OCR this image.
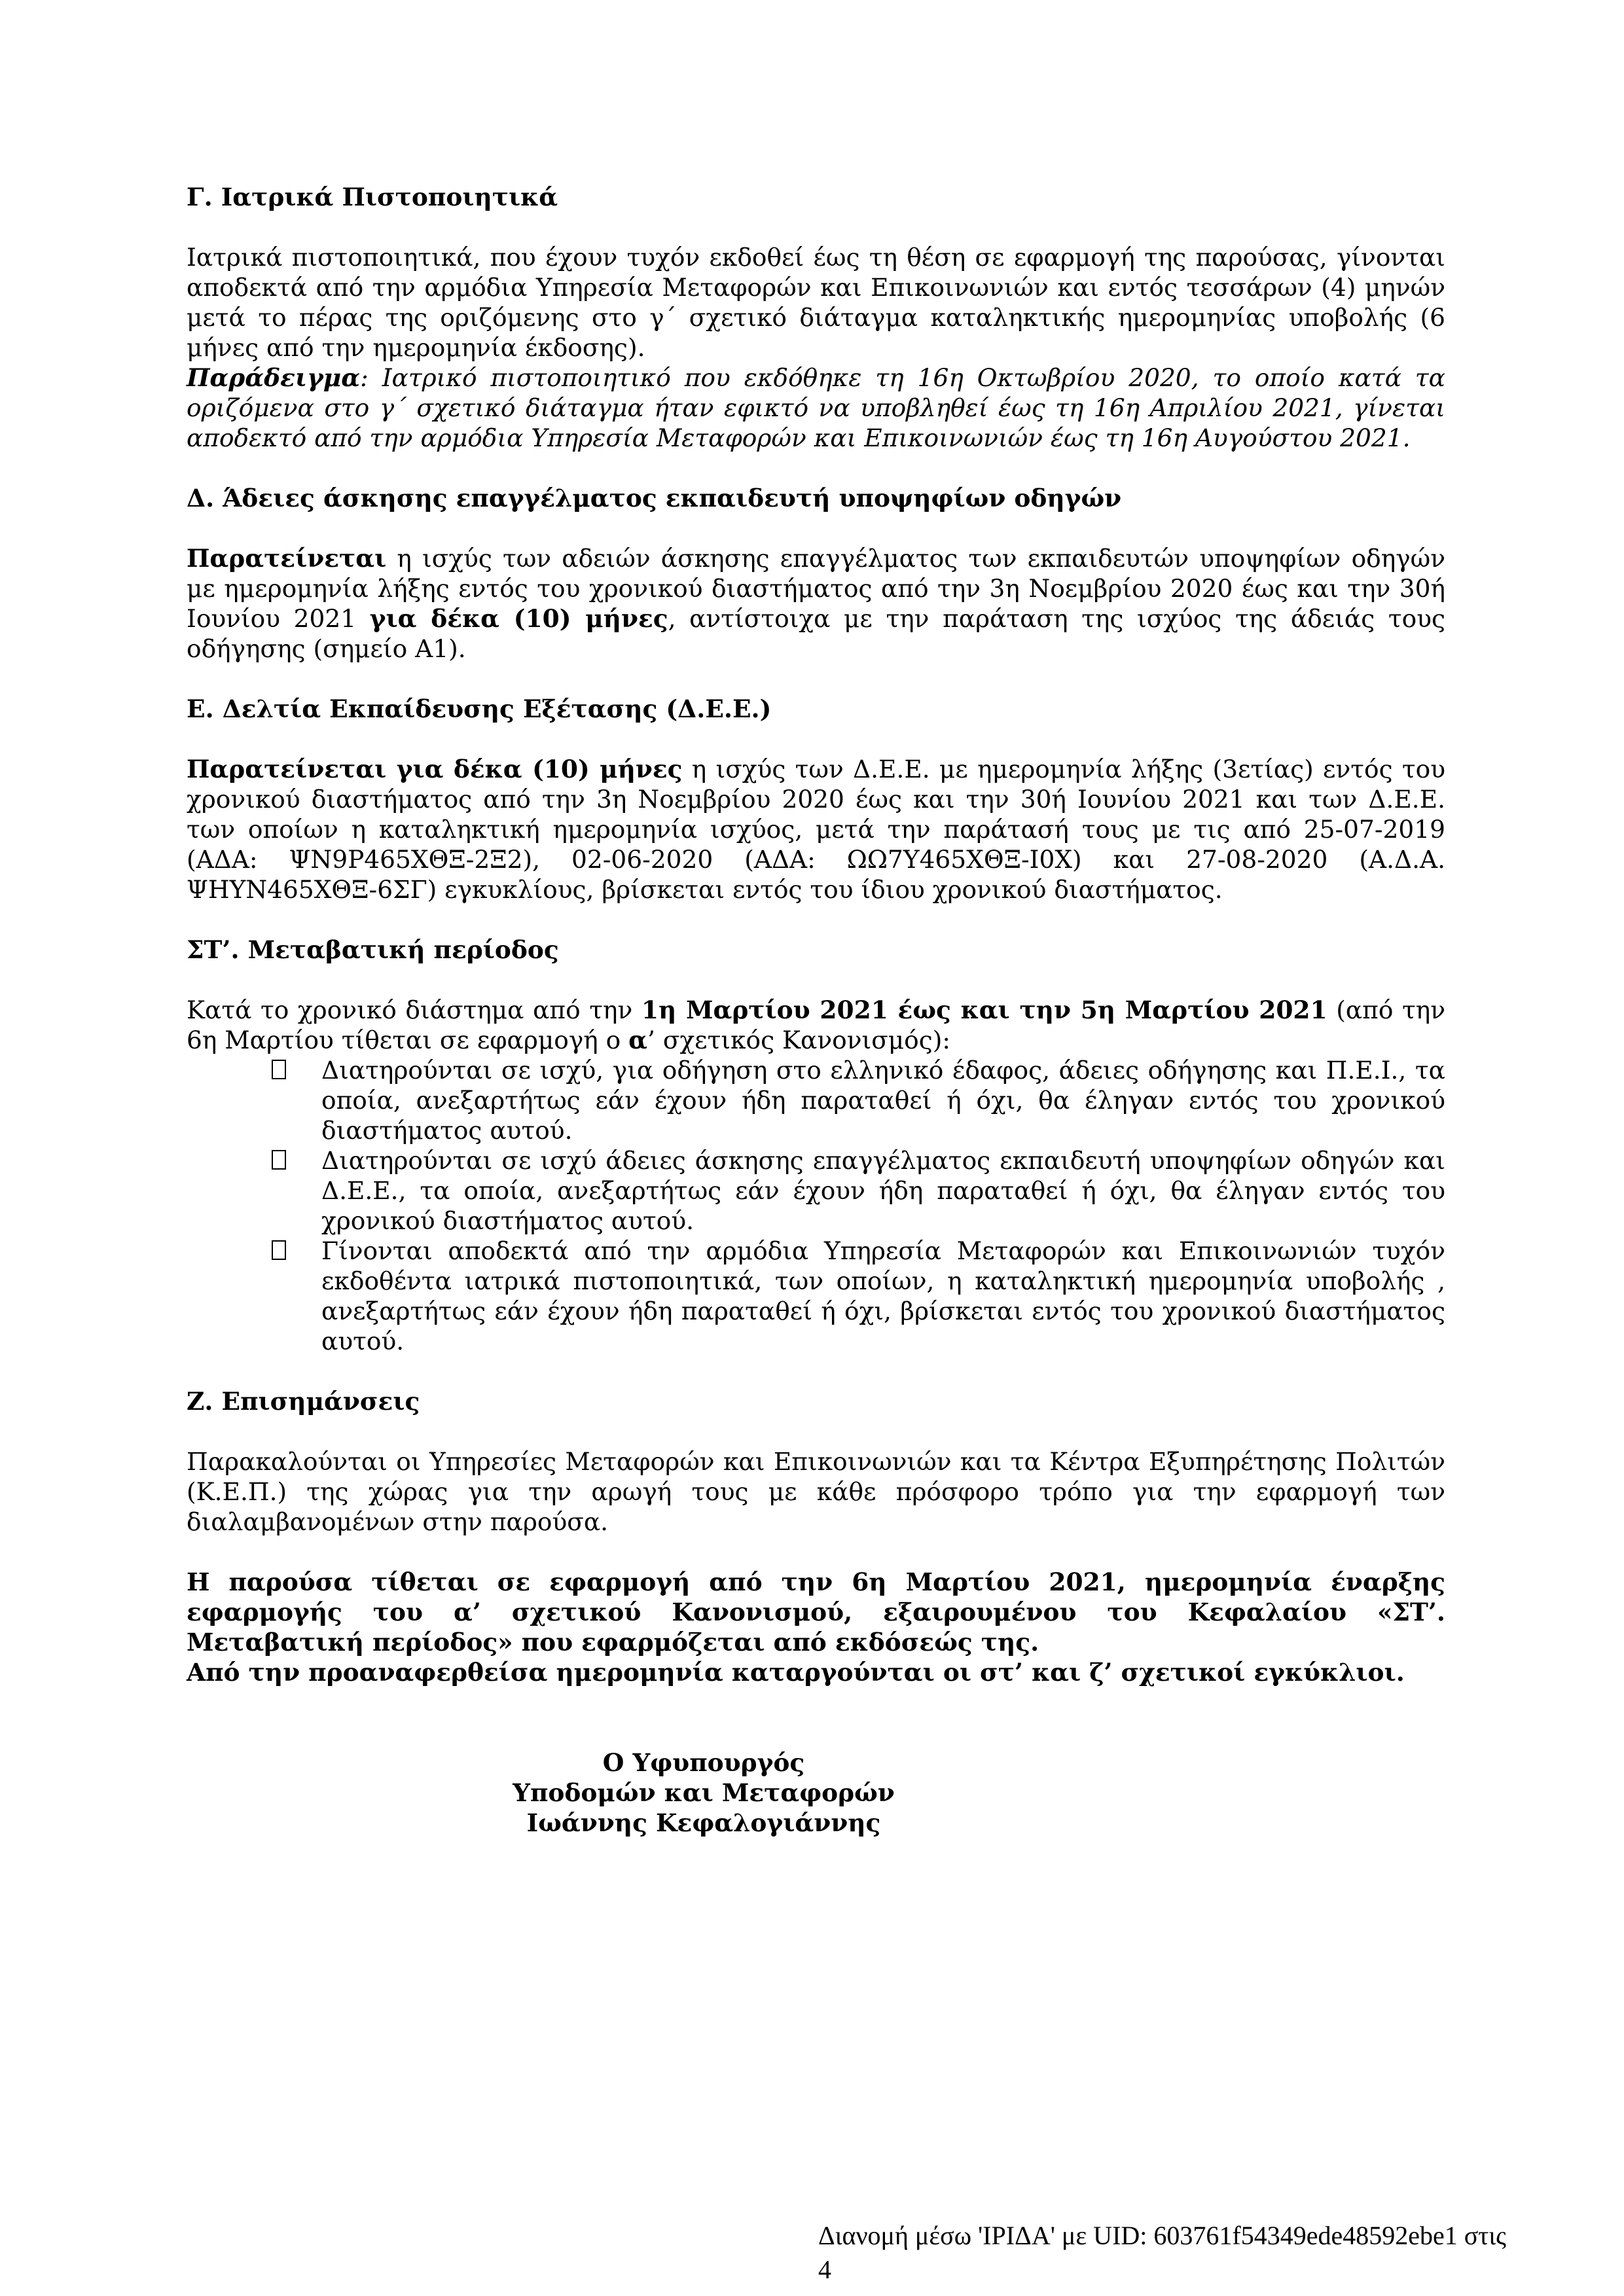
Γ. Ιατρικά Πιστοποιητικά

Ιατρικά πιστοποιητικά, που έχουν τυχόν εκδοθεί έως τη θέση σε εφαρμογή της παρούσας, γίνονται αποδεκτά από την αρμόδια Υπηρεσία Μεταφορών και Επικοινωνιών και εντός τεσσάρων (4) μηνών μετά το πέρας της οριζόμενης στο γ΄ σχετικό διάταγμα καταληκτικής ημερομηνίας υποβολής (6 μήνες από την ημερομηνία έκδοσης).

Παράδειγμα: Ιατρικό πιστοποιητικό που εκδόθηκε τη 16η Οκτωβρίου 2020, το οποίο κατά τα οριζόμενα στο γ΄ σχετικό διάταγμα ήταν εφικτό να υποβληθεί έως τη 16η Απριλίου 2021, γίνεται αποδεκτό από την αρμόδια Υπηρεσία Μεταφορών και Επικοινωνιών έως τη 16η Αυγούστου 2021.

Δ. Άδειες άσκησης επαγγέλματος εκπαιδευτή υποψηφίων οδηγών

Παρατείνεται η ισχύς των αδειών άσκησης επαγγέλματος των εκπαιδευτών υποψηφίων οδηγών με ημερομηνία λήξης εντός του χρονικού διαστήματος από την 3η Νοεμβρίου 2020 έως και την 30ή Ιουνίου 2021 για δέκα (10) μήνες, αντίστοιχα με την παράταση της ισχύος της άδειάς τους οδήγησης (σημείο Α1).

Ε. Δελτία Εκπαίδευσης Εξέτασης (Δ.Ε.Ε.)

Παρατείνεται για δέκα (10) μήνες η ισχύς των Δ.Ε.Ε. με ημερομηνία λήξης (3ετίας) εντός του χρονικού διαστήματος από την 3η Νοεμβρίου 2020 έως και την 30ή Ιουνίου 2021 και των Δ.Ε.Ε. των οποίων η καταληκτική ημερομηνία ισχύος, μετά την παράτασή τους με τις από 25-07-2019 (ΑΔΑ: ΨΝ9Ρ465ΧΘΞ-2Ξ2), 02-06-2020 (ΑΔΑ: ΩΩ7Υ465ΧΘΞ-Ι0Χ) και 27-08-2020 (Α.Δ.Α. ΨΗΥΝ465ΧΘΞ-6ΣΓ) εγκυκλίους, βρίσκεται εντός του ίδιου χρονικού διαστήματος.

ΣΤ’. Μεταβατική περίοδος

Κατά το χρονικό διάστημα από την 1η Μαρτίου 2021 έως και την 5η Μαρτίου 2021 (από την 6η Μαρτίου τίθεται σε εφαρμογή ο α’ σχετικός Κανονισμός):

Διατηρούνται σε ισχύ, για οδήγηση στο ελληνικό έδαφος, άδειες οδήγησης και Π.Ε.Ι., τα οποία, ανεξαρτήτως εάν έχουν ήδη παραταθεί ή όχι, θα έληγαν εντός του χρονικού διαστήματος αυτού.
Διατηρούνται σε ισχύ άδειες άσκησης επαγγέλματος εκπαιδευτή υποψηφίων οδηγών και Δ.Ε.Ε., τα οποία, ανεξαρτήτως εάν έχουν ήδη παραταθεί ή όχι, θα έληγαν εντός του χρονικού διαστήματος αυτού.
Γίνονται αποδεκτά από την αρμόδια Υπηρεσία Μεταφορών και Επικοινωνιών τυχόν εκδοθέντα ιατρικά πιστοποιητικά, των οποίων, η καταληκτική ημερομηνία υποβολής , ανεξαρτήτως εάν έχουν ήδη παραταθεί ή όχι, βρίσκεται εντός του χρονικού διαστήματος αυτού.
Ζ. Επισημάνσεις

Παρακαλούνται οι Υπηρεσίες Μεταφορών και Επικοινωνιών και τα Κέντρα Εξυπηρέτησης Πολιτών (Κ.Ε.Π.) της χώρας για την αρωγή τους με κάθε πρόσφορο τρόπο για την εφαρμογή των διαλαμβανομένων στην παρούσα.

Η παρούσα τίθεται σε εφαρμογή από την 6η Μαρτίου 2021, ημερομηνία έναρξης εφαρμογής του α’ σχετικού Κανονισμού, εξαιρουμένου του Κεφαλαίου «ΣΤ’. Μεταβατική περίοδος» που εφαρμόζεται από εκδόσεώς της.

Από την προαναφερθείσα ημερομηνία καταργούνται οι στ’ και ζ’ σχετικοί εγκύκλιοι.

Ο Υφυπουργός
Υποδομών και Μεταφορών
Ιωάννης Κεφαλογιάννης
Διανομή μέσω 'ΙΡΙΔΑ' με UID: 603761f54349ede48592ebe1 στις
4
